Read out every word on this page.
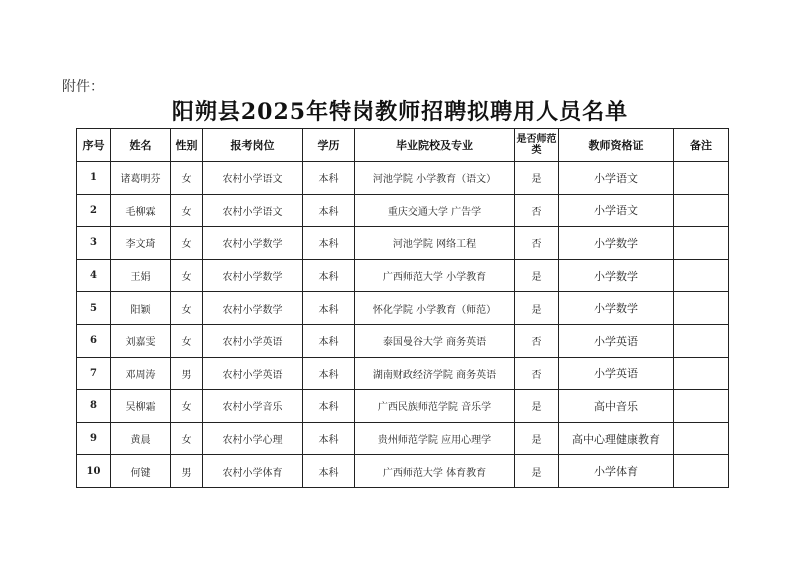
附件：
阳朔县2025年特岗教师招聘拟聘用人员名单
序号	姓名	性别	报考岗位	学历	毕业院校及专业	是否师范类	教师资格证	备注
1	诸葛明芬	女	农村小学语文	本科	河池学院 小学教育（语文）	是	小学语文	
2	毛柳霖	女	农村小学语文	本科	重庆交通大学 广告学	否	小学语文	
3	李文琦	女	农村小学数学	本科	河池学院 网络工程	否	小学数学	
4	王娟	女	农村小学数学	本科	广西师范大学 小学教育	是	小学数学	
5	阳颖	女	农村小学数学	本科	怀化学院 小学教育（师范）	是	小学数学	
6	刘嘉雯	女	农村小学英语	本科	泰国曼谷大学 商务英语	否	小学英语	
7	邓周涛	男	农村小学英语	本科	湖南财政经济学院 商务英语	否	小学英语	
8	吴柳霜	女	农村小学音乐	本科	广西民族师范学院 音乐学	是	高中音乐	
9	黄晨	女	农村小学心理	本科	贵州师范学院 应用心理学	是	高中心理健康教育	
10	何键	男	农村小学体育	本科	广西师范大学 体育教育	是	小学体育	
